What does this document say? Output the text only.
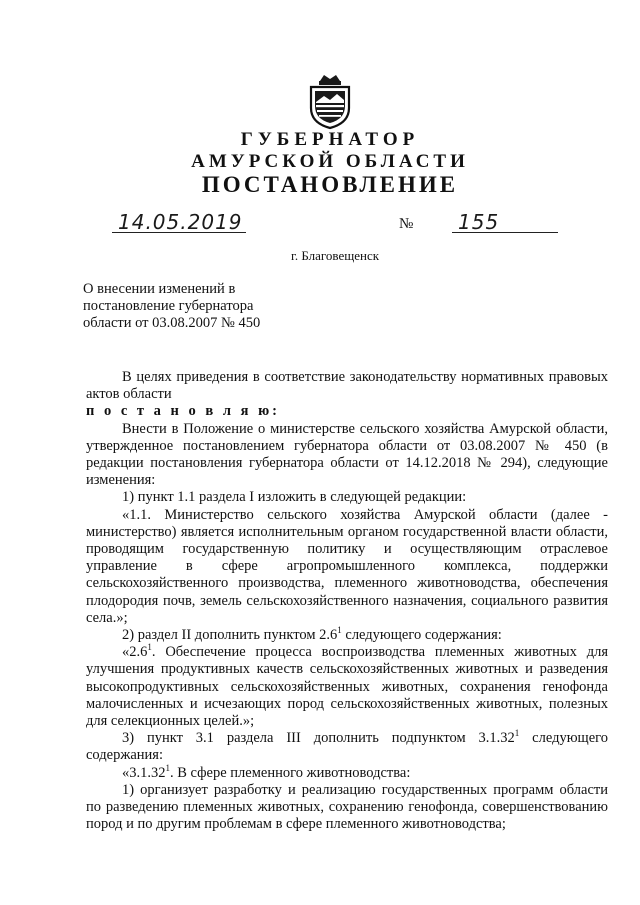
ГУБЕРНАТОР
АМУРСКОЙ ОБЛАСТИ
ПОСТАНОВЛЕНИЕ
14.05.2019	№ 155
г. Благовещенск
О внесении изменений в
постановление губернатора
области от 03.08.2007 № 450

В целях приведения в соответствие законодательству нормативных правовых актов области

п о с т а н о в л я ю:

Внести в Положение о министерстве сельского хозяйства Амурской области, утвержденное постановлением губернатора области от 03.08.2007 № 450 (в редакции постановления губернатора области от 14.12.2018 № 294), следующие изменения:

1) пункт 1.1 раздела I изложить в следующей редакции:

«1.1. Министерство сельского хозяйства Амурской области (далее - министерство) является исполнительным органом государственной власти области, проводящим государственную политику и осуществляющим отраслевое управление в сфере агропромышленного комплекса, поддержки сельскохозяйственного производства, племенного животноводства, обеспечения плодородия почв, земель сельскохозяйственного назначения, социального развития села.»;

2) раздел II дополнить пунктом $2.6^1$ следующего содержания:

«$2.6^1$. Обеспечение процесса воспроизводства племенных животных для улучшения продуктивных качеств сельскохозяйственных животных и разведения высокопродуктивных сельскохозяйственных животных, сохранения генофонда малочисленных и исчезающих пород сельскохозяйственных животных, полезных для селекционных целей.»;

3) пункт 3.1 раздела III дополнить подпунктом 3.1.32$^1$ следующего содержания:

«3.1.32$^1$. В сфере племенного животноводства:

1) организует разработку и реализацию государственных программ области по разведению племенных животных, сохранению генофонда, совершенствованию пород и по другим проблемам в сфере племенного животноводства;
